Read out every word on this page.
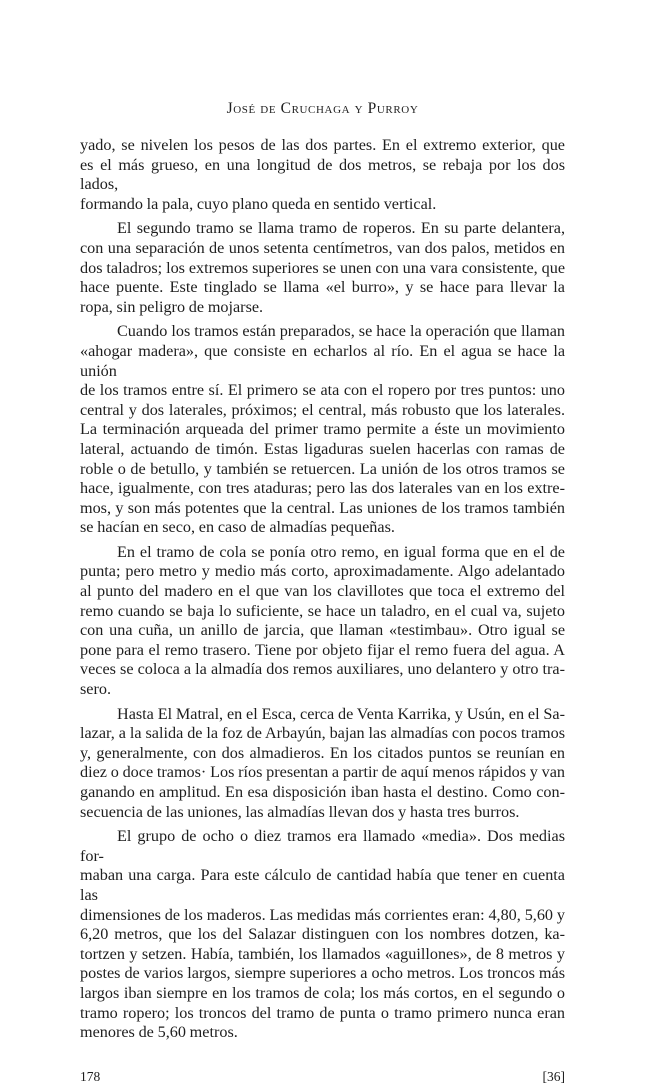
José de Cruchaga y Purroy
yado, se nivelen los pesos de las dos partes. En el extremo exterior, que
es el más grueso, en una longitud de dos metros, se rebaja por los dos lados,
formando la pala, cuyo plano queda en sentido vertical.
El segundo tramo se llama tramo de roperos. En su parte delantera,
con una separación de unos setenta centímetros, van dos palos, metidos en
dos taladros; los extremos superiores se unen con una vara consistente, que
hace puente. Este tinglado se llama «el burro», y se hace para llevar la
ropa, sin peligro de mojarse.
Cuando los tramos están preparados, se hace la operación que llaman
«ahogar madera», que consiste en echarlos al río. En el agua se hace la unión
de los tramos entre sí. El primero se ata con el ropero por tres puntos: uno
central y dos laterales, próximos; el central, más robusto que los laterales.
La terminación arqueada del primer tramo permite a éste un movimiento
lateral, actuando de timón. Estas ligaduras suelen hacerlas con ramas de
roble o de betullo, y también se retuercen. La unión de los otros tramos se
hace, igualmente, con tres ataduras; pero las dos laterales van en los extre-
mos, y son más potentes que la central. Las uniones de los tramos también
se hacían en seco, en caso de almadías pequeñas.
En el tramo de cola se ponía otro remo, en igual forma que en el de
punta; pero metro y medio más corto, aproximadamente. Algo adelantado
al punto del madero en el que van los clavillotes que toca el extremo del
remo cuando se baja lo suficiente, se hace un taladro, en el cual va, sujeto
con una cuña, un anillo de jarcia, que llaman «testimbau». Otro igual se
pone para el remo trasero. Tiene por objeto fijar el remo fuera del agua. A
veces se coloca a la almadía dos remos auxiliares, uno delantero y otro tra-
sero.
Hasta El Matral, en el Esca, cerca de Venta Karrika, y Usún, en el Sa-
lazar, a la salida de la foz de Arbayún, bajan las almadías con pocos tramos
y, generalmente, con dos almadieros. En los citados puntos se reunían en
diez o doce tramos· Los ríos presentan a partir de aquí menos rápidos y van
ganando en amplitud. En esa disposición iban hasta el destino. Como con-
secuencia de las uniones, las almadías llevan dos y hasta tres burros.
El grupo de ocho o diez tramos era llamado «media». Dos medias for-
maban una carga. Para este cálculo de cantidad había que tener en cuenta las
dimensiones de los maderos. Las medidas más corrientes eran: 4,80, 5,60 y
6,20 metros, que los del Salazar distinguen con los nombres dotzen, ka-
tortzen y setzen. Había, también, los llamados «aguillones», de 8 metros y
postes de varios largos, siempre superiores a ocho metros. Los troncos más
largos iban siempre en los tramos de cola; los más cortos, en el segundo o
tramo ropero; los troncos del tramo de punta o tramo primero nunca eran
menores de 5,60 metros.
178	[36]
